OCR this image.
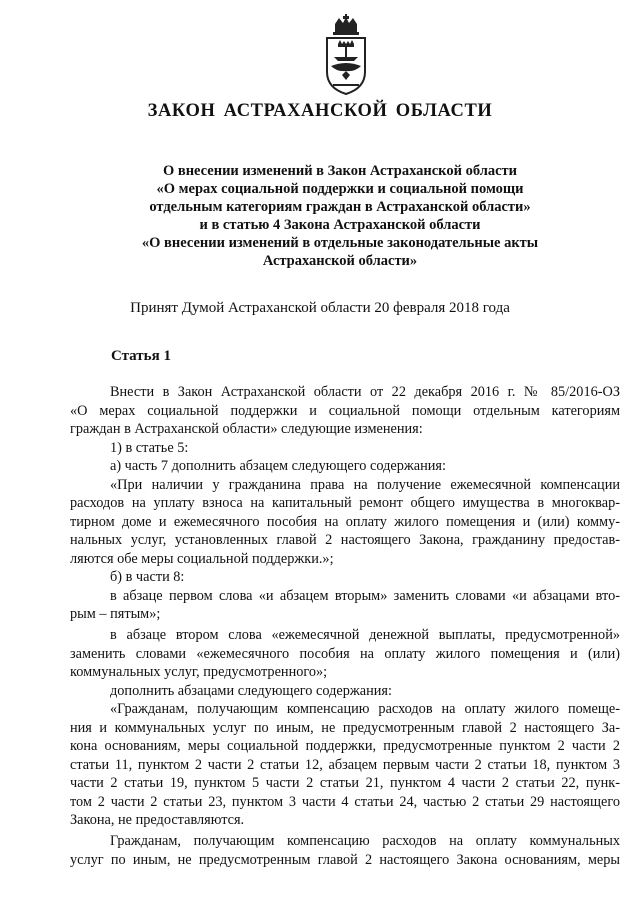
ЗАКОН АСТРАХАНСКОЙ ОБЛАСТИ
О внесении изменений в Закон Астраханской области
«О мерах социальной поддержки и социальной помощи
отдельным категориям граждан в Астраханской области»
и в статью 4 Закона Астраханской области
«О внесении изменений в отдельные законодательные акты
Астраханской области»
Принят Думой Астраханской области 20 февраля 2018 года
Статья 1
Внести в Закон Астраханской области от 22 декабря 2016 г. № 85/2016-ОЗ
«О мерах социальной поддержки и социальной помощи отдельным категориям
граждан в Астраханской области» следующие изменения:
1) в статье 5:
а) часть 7 дополнить абзацем следующего содержания:
«При наличии у гражданина права на получение ежемесячной компенсации
расходов на уплату взноса на капитальный ремонт общего имущества в многоквар-
тирном доме и ежемесячного пособия на оплату жилого помещения и (или) комму-
нальных услуг, установленных главой 2 настоящего Закона, гражданину предостав-
ляются обе меры социальной поддержки.»;
б) в части 8:
в абзаце первом слова «и абзацем вторым» заменить словами «и абзацами вто-
рым – пятым»;
в абзаце втором слова «ежемесячной денежной выплаты, предусмотренной»
заменить словами «ежемесячного пособия на оплату жилого помещения и (или)
коммунальных услуг, предусмотренного»;
дополнить абзацами следующего содержания:
«Гражданам, получающим компенсацию расходов на оплату жилого помеще-
ния и коммунальных услуг по иным, не предусмотренным главой 2 настоящего За-
кона основаниям, меры социальной поддержки, предусмотренные пунктом 2 части 2
статьи 11, пунктом 2 части 2 статьи 12, абзацем первым части 2 статьи 18, пунктом 3
части 2 статьи 19, пунктом 5 части 2 статьи 21, пунктом 4 части 2 статьи 22, пунк-
том 2 части 2 статьи 23, пунктом 3 части 4 статьи 24, частью 2 статьи 29 настоящего
Закона, не предоставляются.
Гражданам, получающим компенсацию расходов на оплату коммунальных
услуг по иным, не предусмотренным главой 2 настоящего Закона основаниям, меры
